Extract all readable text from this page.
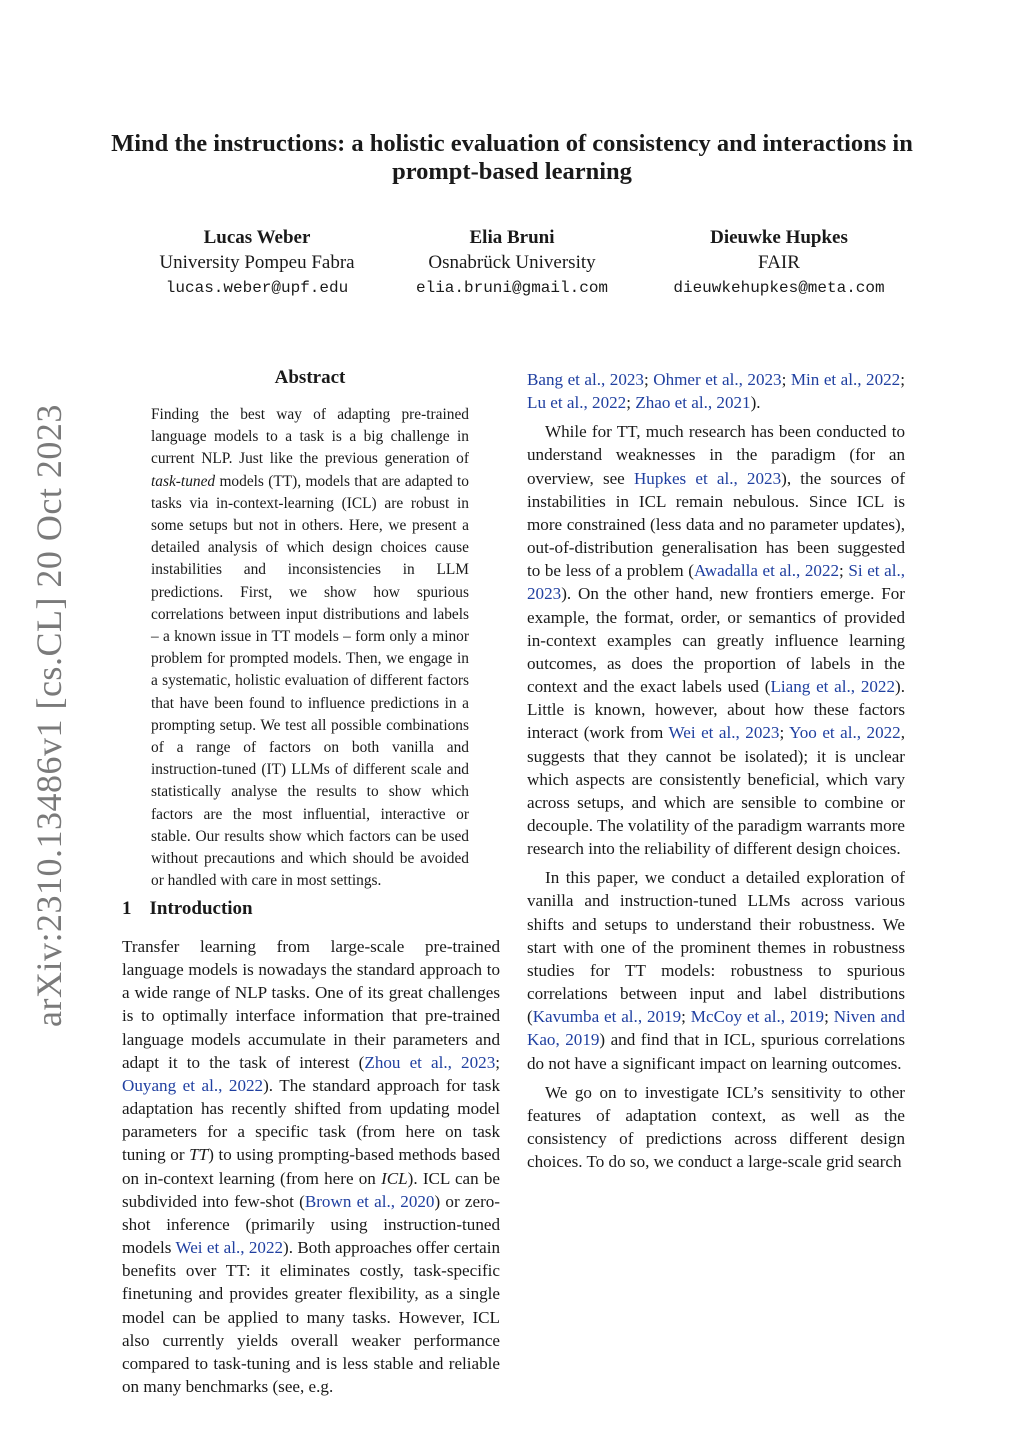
arXiv:2310.13486v1 [cs.CL] 20 Oct 2023
Mind the instructions: a holistic evaluation of consistency and interactions in prompt-based learning
Lucas Weber
University Pompeu Fabra
lucas.weber@upf.edu
Elia Bruni
Osnabrück University
elia.bruni@gmail.com
Dieuwke Hupkes
FAIR
dieuwkehupkes@meta.com
Abstract
Finding the best way of adapting pre-trained language models to a task is a big challenge in current NLP. Just like the previous generation of task-tuned models (TT), models that are adapted to tasks via in-context-learning (ICL) are robust in some setups but not in others. Here, we present a detailed analysis of which design choices cause instabilities and inconsistencies in LLM predictions. First, we show how spurious correlations between input distributions and labels – a known issue in TT models – form only a minor problem for prompted models. Then, we engage in a systematic, holistic evaluation of different factors that have been found to influence predictions in a prompting setup. We test all possible combinations of a range of factors on both vanilla and instruction-tuned (IT) LLMs of different scale and statistically analyse the results to show which factors are the most influential, interactive or stable. Our results show which factors can be used without precautions and which should be avoided or handled with care in most settings.
1 Introduction

Transfer learning from large-scale pre-trained language models is nowadays the standard approach to a wide range of NLP tasks. One of its great challenges is to optimally interface information that pre-trained language models accumulate in their parameters and adapt it to the task of interest (Zhou et al., 2023; Ouyang et al., 2022). The standard approach for task adaptation has recently shifted from updating model parameters for a specific task (from here on task tuning or TT) to using prompting-based methods based on in-context learning (from here on ICL). ICL can be subdivided into few-shot (Brown et al., 2020) or zero-shot inference (primarily using instruction-tuned models Wei et al., 2022). Both approaches offer certain benefits over TT: it eliminates costly, task-specific finetuning and provides greater flexibility, as a single model can be applied to many tasks. However, ICL also currently yields overall weaker performance compared to task-tuning and is less stable and reliable on many benchmarks (see, e.g.

Bang et al., 2023; Ohmer et al., 2023; Min et al., 2022; Lu et al., 2022; Zhao et al., 2021).

While for TT, much research has been conducted to understand weaknesses in the paradigm (for an overview, see Hupkes et al., 2023), the sources of instabilities in ICL remain nebulous. Since ICL is more constrained (less data and no parameter updates), out-of-distribution generalisation has been suggested to be less of a problem (Awadalla et al., 2022; Si et al., 2023). On the other hand, new frontiers emerge. For example, the format, order, or semantics of provided in-context examples can greatly influence learning outcomes, as does the proportion of labels in the context and the exact labels used (Liang et al., 2022). Little is known, however, about how these factors interact (work from Wei et al., 2023; Yoo et al., 2022, suggests that they cannot be isolated); it is unclear which aspects are consistently beneficial, which vary across setups, and which are sensible to combine or decouple. The volatility of the paradigm warrants more research into the reliability of different design choices.

In this paper, we conduct a detailed exploration of vanilla and instruction-tuned LLMs across various shifts and setups to understand their robustness. We start with one of the prominent themes in robustness studies for TT models: robustness to spurious correlations between input and label distributions (Kavumba et al., 2019; McCoy et al., 2019; Niven and Kao, 2019) and find that in ICL, spurious correlations do not have a significant impact on learning outcomes.

We go on to investigate ICL’s sensitivity to other features of adaptation context, as well as the consistency of predictions across different design choices. To do so, we conduct a large-scale grid search
